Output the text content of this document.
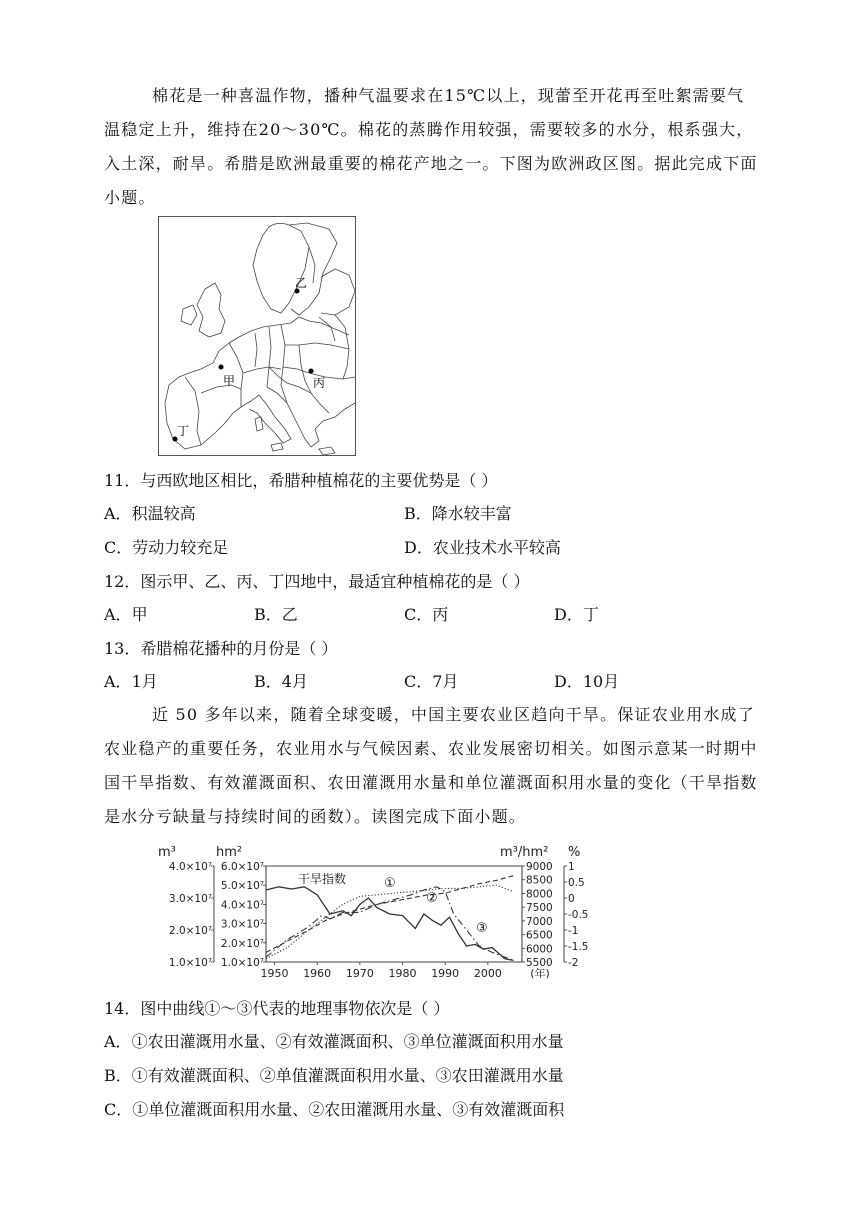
棉花是一种喜温作物，播种气温要求在15℃以上，现蕾至开花再至吐絮需要气
温稳定上升，维持在20～30℃。棉花的蒸腾作用较强，需要较多的水分，根系强大，
入土深，耐旱。希腊是欧洲最重要的棉花产地之一。下图为欧洲政区图。据此完成下面
小题。
甲
乙
丙
丁
11．与西欧地区相比，希腊种植棉花的主要优势是（ ）
A．积温较高	B．降水较丰富
C．劳动力较充足	D．农业技术水平较高
12．图示甲、乙、丙、丁四地中，最适宜种植棉花的是（ ）
A．甲	B．乙	C．丙	D．丁
13．希腊棉花播种的月份是（ ）
A．1月	B．4月	C．7月	D．10月
近 50 多年以来，随着全球变暖，中国主要农业区趋向干旱。保证农业用水成了
农业稳产的重要任务，农业用水与气候因素、农业发展密切相关。如图示意某一时期中
国干旱指数、有效灌溉面积、农田灌溉用水量和单位灌溉面积用水量的变化（干旱指数
是水分亏缺量与持续时间的函数）。读图完成下面小题。
m³	hm²	m³/hm² %
4.0×10⁷
3.0×10⁷
2.0×10⁷
1.0×10⁷
6.0×10⁷
5.0×10⁷
4.0×10⁷
3.0×10⁷
2.0×10⁷
1.0×10⁷
9000
8500
8000
7500
7000
6500
6000
5500
1
0.5
0
-0.5
-1
-1.5
-2
1950 1960 1970 1980 1990 2000	(年)
干旱指数	①
②
③
14．图中曲线①～③代表的地理事物依次是（ ）
A．①农田灌溉用水量、②有效灌溉面积、③单位灌溉面积用水量
B．①有效灌溉面积、②单值灌溉面积用水量、③农田灌溉用水量
C．①单位灌溉面积用水量、②农田灌溉用水量、③有效灌溉面积
